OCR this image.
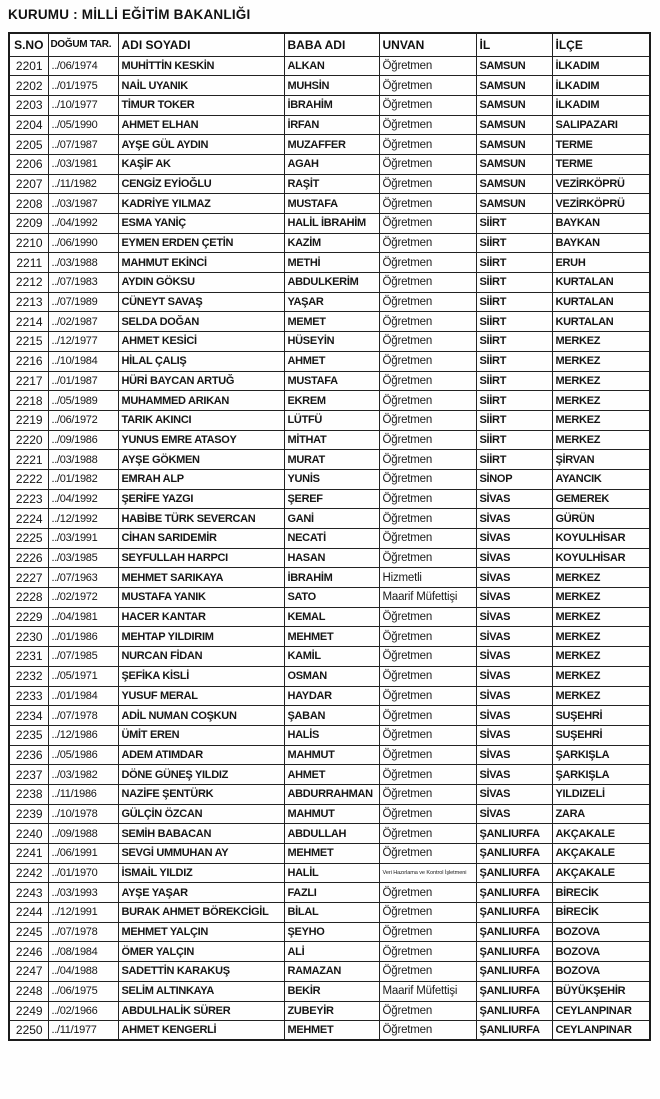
KURUMU : MİLLİ EĞİTİM BAKANLIĞI
S.NO	DOĞUM TAR.	ADI SOYADI	BABA ADI	UNVAN	İL	İLÇE
2201	../06/1974	MUHİTTİN KESKİN	ALKAN	Öğretmen	SAMSUN	İLKADIM
2202	../01/1975	NAİL UYANIK	MUHSİN	Öğretmen	SAMSUN	İLKADIM
2203	../10/1977	TİMUR TOKER	İBRAHİM	Öğretmen	SAMSUN	İLKADIM
2204	../05/1990	AHMET ELHAN	İRFAN	Öğretmen	SAMSUN	SALIPAZARI
2205	../07/1987	AYŞE GÜL AYDIN	MUZAFFER	Öğretmen	SAMSUN	TERME
2206	../03/1981	KAŞİF AK	AGAH	Öğretmen	SAMSUN	TERME
2207	../11/1982	CENGİZ EYİOĞLU	RAŞİT	Öğretmen	SAMSUN	VEZİRKÖPRÜ
2208	../03/1987	KADRİYE YILMAZ	MUSTAFA	Öğretmen	SAMSUN	VEZİRKÖPRÜ
2209	../04/1992	ESMA YANİÇ	HALİL İBRAHİM	Öğretmen	SİİRT	BAYKAN
2210	../06/1990	EYMEN ERDEN ÇETİN	KAZİM	Öğretmen	SİİRT	BAYKAN
2211	../03/1988	MAHMUT EKİNCİ	METHİ	Öğretmen	SİİRT	ERUH
2212	../07/1983	AYDIN GÖKSU	ABDULKERİM	Öğretmen	SİİRT	KURTALAN
2213	../07/1989	CÜNEYT SAVAŞ	YAŞAR	Öğretmen	SİİRT	KURTALAN
2214	../02/1987	SELDA DOĞAN	MEMET	Öğretmen	SİİRT	KURTALAN
2215	../12/1977	AHMET KESİCİ	HÜSEYİN	Öğretmen	SİİRT	MERKEZ
2216	../10/1984	HİLAL ÇALIŞ	AHMET	Öğretmen	SİİRT	MERKEZ
2217	../01/1987	HÜRİ BAYCAN ARTUĞ	MUSTAFA	Öğretmen	SİİRT	MERKEZ
2218	../05/1989	MUHAMMED ARIKAN	EKREM	Öğretmen	SİİRT	MERKEZ
2219	../06/1972	TARIK AKINCI	LÜTFÜ	Öğretmen	SİİRT	MERKEZ
2220	../09/1986	YUNUS EMRE ATASOY	MİTHAT	Öğretmen	SİİRT	MERKEZ
2221	../03/1988	AYŞE GÖKMEN	MURAT	Öğretmen	SİİRT	ŞİRVAN
2222	../01/1982	EMRAH ALP	YUNİS	Öğretmen	SİNOP	AYANCIK
2223	../04/1992	ŞERİFE YAZGI	ŞEREF	Öğretmen	SİVAS	GEMEREK
2224	../12/1992	HABİBE TÜRK SEVERCAN	GANİ	Öğretmen	SİVAS	GÜRÜN
2225	../03/1991	CİHAN SARIDEMİR	NECATİ	Öğretmen	SİVAS	KOYULHİSAR
2226	../03/1985	SEYFULLAH HARPCI	HASAN	Öğretmen	SİVAS	KOYULHİSAR
2227	../07/1963	MEHMET SARIKAYA	İBRAHİM	Hizmetli	SİVAS	MERKEZ
2228	../02/1972	MUSTAFA YANIK	SATO	Maarif Müfettişi	SİVAS	MERKEZ
2229	../04/1981	HACER KANTAR	KEMAL	Öğretmen	SİVAS	MERKEZ
2230	../01/1986	MEHTAP YILDIRIM	MEHMET	Öğretmen	SİVAS	MERKEZ
2231	../07/1985	NURCAN FİDAN	KAMİL	Öğretmen	SİVAS	MERKEZ
2232	../05/1971	ŞEFİKA KİSLİ	OSMAN	Öğretmen	SİVAS	MERKEZ
2233	../01/1984	YUSUF MERAL	HAYDAR	Öğretmen	SİVAS	MERKEZ
2234	../07/1978	ADİL NUMAN COŞKUN	ŞABAN	Öğretmen	SİVAS	SUŞEHRİ
2235	../12/1986	ÜMİT EREN	HALİS	Öğretmen	SİVAS	SUŞEHRİ
2236	../05/1986	ADEM ATIMDAR	MAHMUT	Öğretmen	SİVAS	ŞARKIŞLA
2237	../03/1982	DÖNE GÜNEŞ YILDIZ	AHMET	Öğretmen	SİVAS	ŞARKIŞLA
2238	../11/1986	NAZİFE ŞENTÜRK	ABDURRAHMAN	Öğretmen	SİVAS	YILDIZELİ
2239	../10/1978	GÜLÇİN ÖZCAN	MAHMUT	Öğretmen	SİVAS	ZARA
2240	../09/1988	SEMİH BABACAN	ABDULLAH	Öğretmen	ŞANLIURFA	AKÇAKALE
2241	../06/1991	SEVGİ UMMUHAN AY	MEHMET	Öğretmen	ŞANLIURFA	AKÇAKALE
2242	../01/1970	İSMAİL YILDIZ	HALİL	Veri Hazırlama ve Kontrol İşletmeni	ŞANLIURFA	AKÇAKALE
2243	../03/1993	AYŞE YAŞAR	FAZLI	Öğretmen	ŞANLIURFA	BİRECİK
2244	../12/1991	BURAK AHMET BÖREKCİGİL	BİLAL	Öğretmen	ŞANLIURFA	BİRECİK
2245	../07/1978	MEHMET YALÇIN	ŞEYHO	Öğretmen	ŞANLIURFA	BOZOVA
2246	../08/1984	ÖMER YALÇIN	ALİ	Öğretmen	ŞANLIURFA	BOZOVA
2247	../04/1988	SADETTİN KARAKUŞ	RAMAZAN	Öğretmen	ŞANLIURFA	BOZOVA
2248	../06/1975	SELİM ALTINKAYA	BEKİR	Maarif Müfettişi	ŞANLIURFA	BÜYÜKŞEHİR
2249	../02/1966	ABDULHALİK SÜRER	ZUBEYİR	Öğretmen	ŞANLIURFA	CEYLANPINAR
2250	../11/1977	AHMET KENGERLİ	MEHMET	Öğretmen	ŞANLIURFA	CEYLANPINAR
